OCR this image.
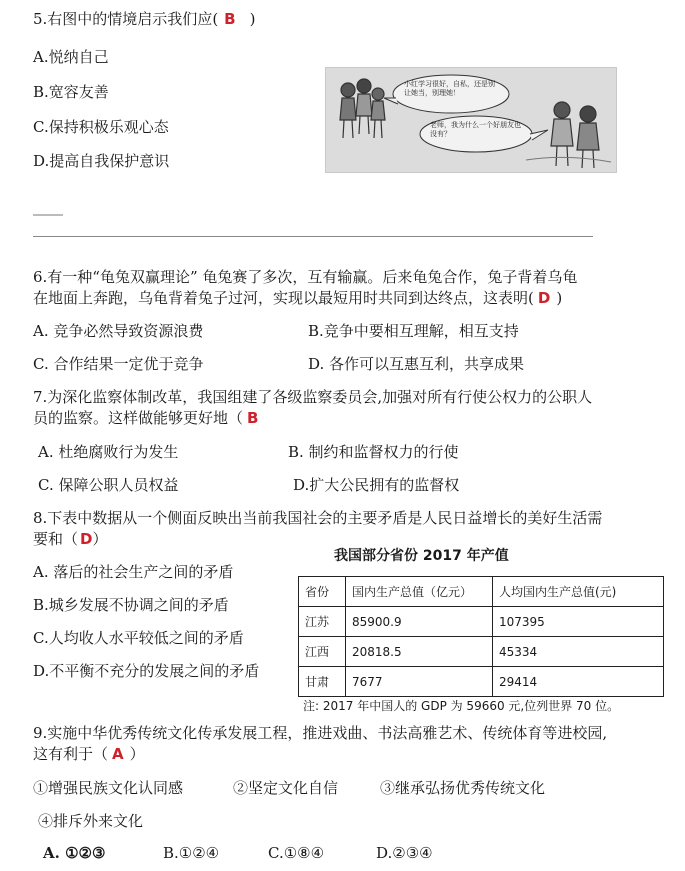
5.右图中的情境启示我们应( B )
A.悦纳自己
B.宽容友善
C.保持积极乐观心态
D.提高自我保护意识
小红学习很好，自私，还是别让她当，别理她！
老师，我为什么一个好朋友也没有？
6.有一种“龟兔双赢理论” 龟兔赛了多次，互有输赢。后来龟兔合作，兔子背着乌龟
在地面上奔跑，乌龟背着兔子过河，实现以最短用时共同到达终点，这表明( D )
A. 竞争必然导致资源浪费	B.竞争中要相互理解，相互支持
C. 合作结果一定优于竞争	D. 各作可以互惠互利，共享成果
7.为深化监察体制改革，我国组建了各级监察委员会,加强对所有行使公权力的公职人
员的监察。这样做能够更好地（ B
A. 杜绝腐败行为发生	B. 制约和监督权力的行使
C. 保障公职人员权益	D.扩大公民拥有的监督权
8.下表中数据从一个侧面反映出当前我国社会的主要矛盾是人民日益增长的美好生活需
要和（ D）
我国部分省份 2017 年产值
A. 落后的社会生产之间的矛盾
B.城乡发展不协调之间的矛盾
C.人均收人水平较低之间的矛盾
D.不平衡不充分的发展之间的矛盾
省份	国内生产总值（亿元）	人均国内生产总值(元)
江苏	85900.9	107395
江西	20818.5	45334
甘肃	7677	29414
注: 2017 年中国人的 GDP 为 59660 元,位列世界 70 位。
9.实施中华优秀传统文化传承发展工程，推进戏曲、书法高雅艺术、传统体育等进校园,
这有利于（ A ）
①增强民族文化认同感	②坚定文化自信	③继承弘扬优秀传统文化
④排斥外来文化
A. ①②③	B.①②④	C.①⑧④	D.②③④
